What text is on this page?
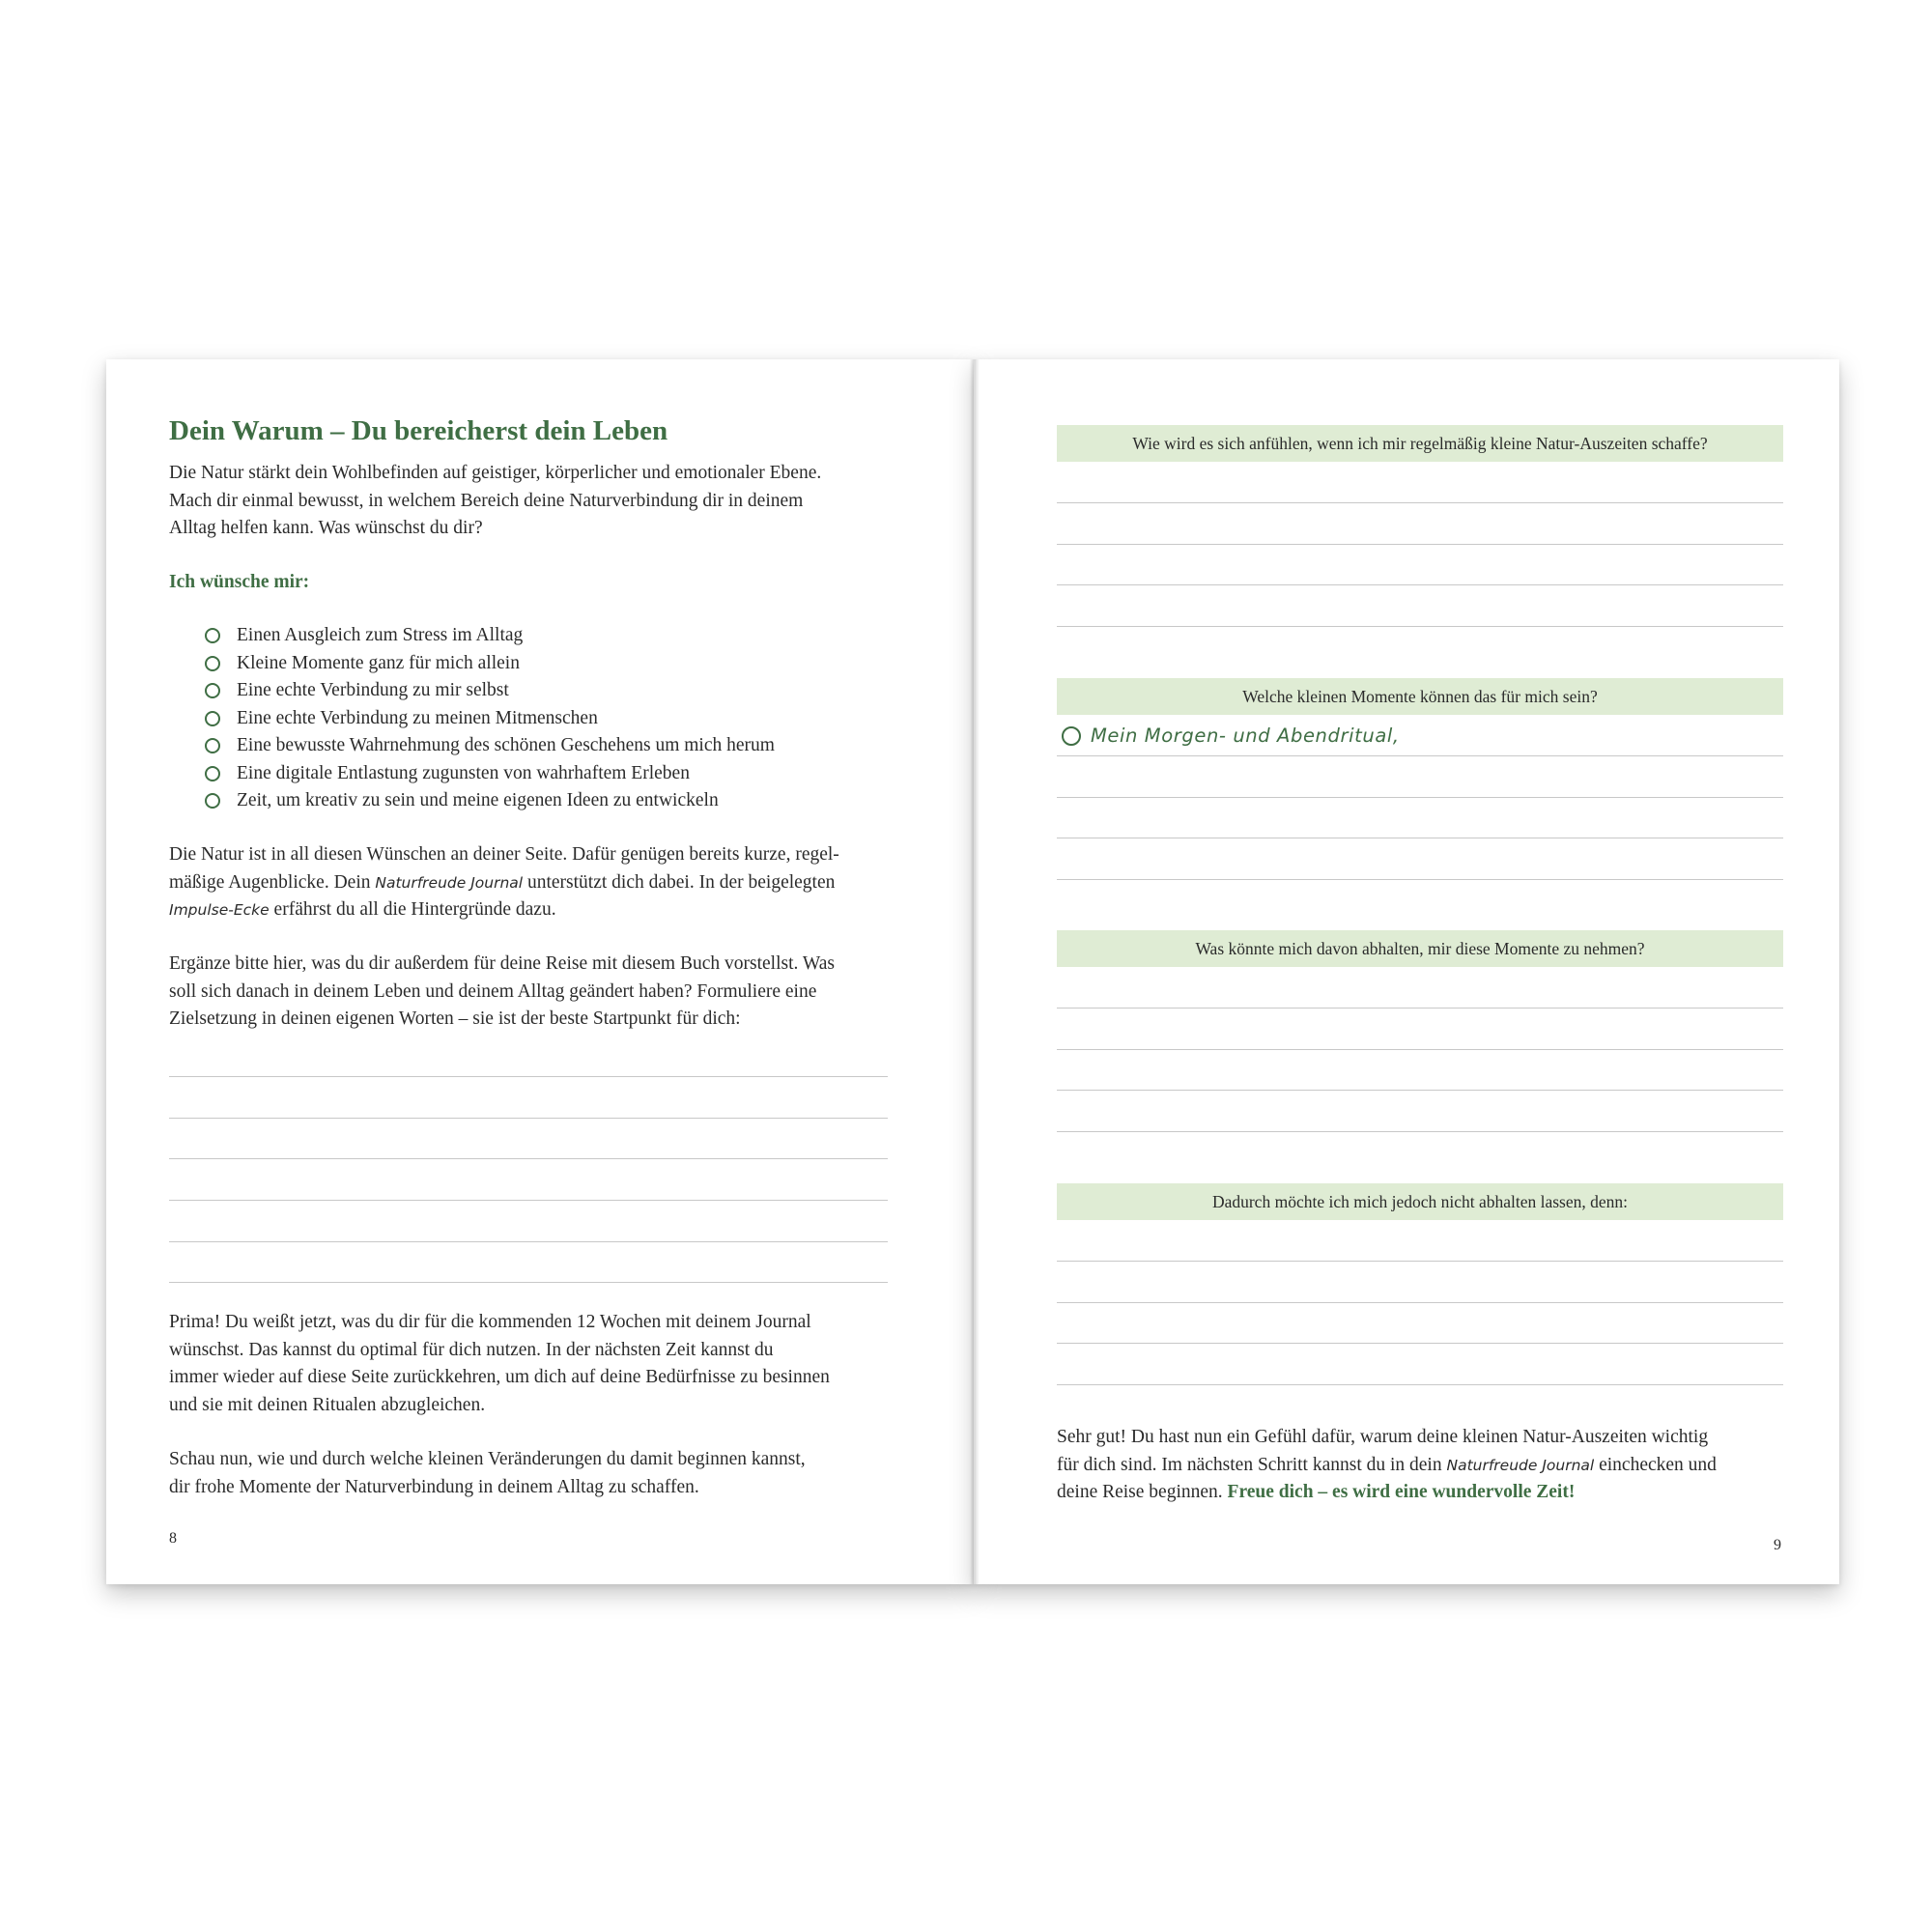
Dein Warum – Du bereicherst dein Leben

Die Natur stärkt dein Wohlbefinden auf geistiger, körperlicher und emotionaler Ebene.
Mach dir einmal bewusst, in welchem Bereich deine Naturverbindung dir in deinem
Alltag helfen kann. Was wünschst du dir?

Ich wünsche mir:

Einen Ausgleich zum Stress im Alltag
Kleine Momente ganz für mich allein
Eine echte Verbindung zu mir selbst
Eine echte Verbindung zu meinen Mitmenschen
Eine bewusste Wahrnehmung des schönen Geschehens um mich herum
Eine digitale Entlastung zugunsten von wahrhaftem Erleben
Zeit, um kreativ zu sein und meine eigenen Ideen zu entwickeln

Die Natur ist in all diesen Wünschen an deiner Seite. Dafür genügen bereits kurze, regel-
mäßige Augenblicke. Dein Naturfreude Journal unterstützt dich dabei. In der beigelegten
Impulse-Ecke erfährst du all die Hintergründe dazu.

Ergänze bitte hier, was du dir außerdem für deine Reise mit diesem Buch vorstellst. Was
soll sich danach in deinem Leben und deinem Alltag geändert haben? Formuliere eine
Zielsetzung in deinen eigenen Worten – sie ist der beste Startpunkt für dich:

Prima! Du weißt jetzt, was du dir für die kommenden 12 Wochen mit deinem Journal
wünschst. Das kannst du optimal für dich nutzen. In der nächsten Zeit kannst du
immer wieder auf diese Seite zurückkehren, um dich auf deine Bedürfnisse zu besinnen
und sie mit deinen Ritualen abzugleichen.

Schau nun, wie und durch welche kleinen Veränderungen du damit beginnen kannst,
dir frohe Momente der Naturverbindung in deinem Alltag zu schaffen.

8
Wie wird es sich anfühlen, wenn ich mir regelmäßig kleine Natur-Auszeiten schaffe?
Welche kleinen Momente können das für mich sein?
Mein Morgen- und Abendritual,
Was könnte mich davon abhalten, mir diese Momente zu nehmen?
Dadurch möchte ich mich jedoch nicht abhalten lassen, denn:

Sehr gut! Du hast nun ein Gefühl dafür, warum deine kleinen Natur-Auszeiten wichtig
für dich sind. Im nächsten Schritt kannst du in dein Naturfreude Journal einchecken und
deine Reise beginnen. Freue dich – es wird eine wundervolle Zeit!

9
